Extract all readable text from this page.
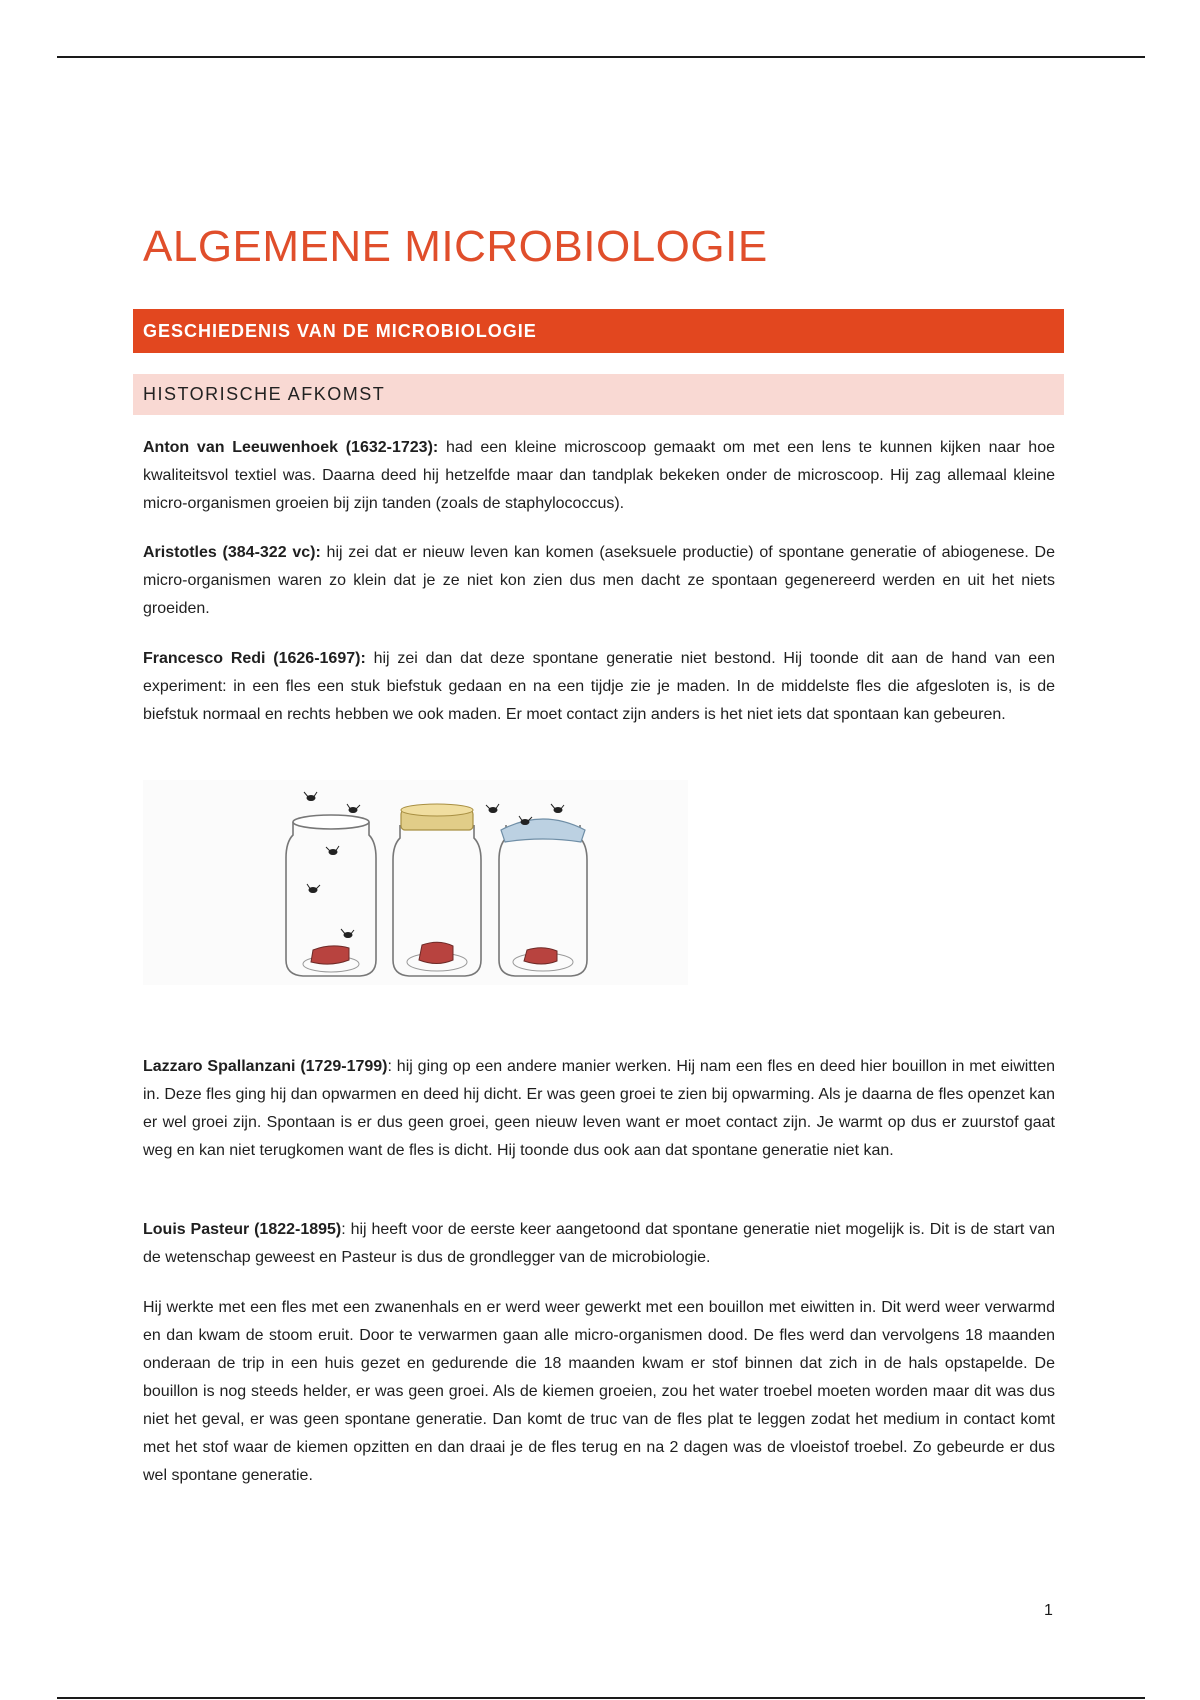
ALGEMENE MICROBIOLOGIE
GESCHIEDENIS VAN DE MICROBIOLOGIE
HISTORISCHE AFKOMST

Anton van Leeuwenhoek (1632-1723): had een kleine microscoop gemaakt om met een lens te kunnen kijken naar hoe kwaliteitsvol textiel was. Daarna deed hij hetzelfde maar dan tandplak bekeken onder de microscoop. Hij zag allemaal kleine micro-organismen groeien bij zijn tanden (zoals de staphylococcus).

Aristotles (384-322 vc): hij zei dat er nieuw leven kan komen (aseksuele productie) of spontane generatie of abiogenese. De micro-organismen waren zo klein dat je ze niet kon zien dus men dacht ze spontaan gegenereerd werden en uit het niets groeiden.

Francesco Redi (1626-1697): hij zei dan dat deze spontane generatie niet bestond. Hij toonde dit aan de hand van een experiment: in een fles een stuk biefstuk gedaan en na een tijdje zie je maden. In de middelste fles die afgesloten is, is de biefstuk normaal en rechts hebben we ook maden. Er moet contact zijn anders is het niet iets dat spontaan kan gebeuren.

Lazzaro Spallanzani (1729-1799): hij ging op een andere manier werken. Hij nam een fles en deed hier bouillon in met eiwitten in. Deze fles ging hij dan opwarmen en deed hij dicht. Er was geen groei te zien bij opwarming. Als je daarna de fles openzet kan er wel groei zijn. Spontaan is er dus geen groei, geen nieuw leven want er moet contact zijn. Je warmt op dus er zuurstof gaat weg en kan niet terugkomen want de fles is dicht. Hij toonde dus ook aan dat spontane generatie niet kan.

Louis Pasteur (1822-1895): hij heeft voor de eerste keer aangetoond dat spontane generatie niet mogelijk is. Dit is de start van de wetenschap geweest en Pasteur is dus de grondlegger van de microbiologie.

Hij werkte met een fles met een zwanenhals en er werd weer gewerkt met een bouillon met eiwitten in. Dit werd weer verwarmd en dan kwam de stoom eruit. Door te verwarmen gaan alle micro-organismen dood. De fles werd dan vervolgens 18 maanden onderaan de trip in een huis gezet en gedurende die 18 maanden kwam er stof binnen dat zich in de hals opstapelde. De bouillon is nog steeds helder, er was geen groei. Als de kiemen groeien, zou het water troebel moeten worden maar dit was dus niet het geval, er was geen spontane generatie. Dan komt de truc van de fles plat te leggen zodat het medium in contact komt met het stof waar de kiemen opzitten en dan draai je de fles terug en na 2 dagen was de vloeistof troebel. Zo gebeurde er dus wel spontane generatie.

1
